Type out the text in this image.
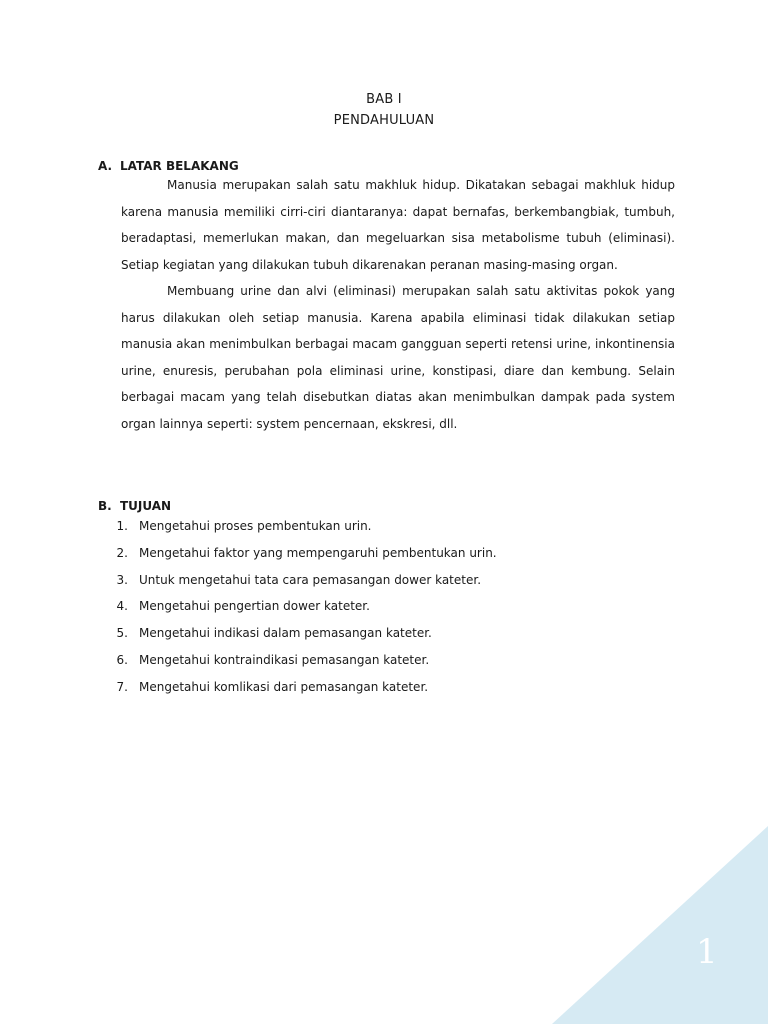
BAB I
PENDAHULUAN
A. LATAR BELAKANG

Manusia merupakan salah satu makhluk hidup. Dikatakan sebagai makhluk hidup karena manusia memiliki cirri-ciri diantaranya: dapat bernafas, berkembangbiak, tumbuh, beradaptasi, memerlukan makan, dan megeluarkan sisa metabolisme tubuh (eliminasi). Setiap kegiatan yang dilakukan tubuh dikarenakan peranan masing-masing organ.

Membuang urine dan alvi (eliminasi) merupakan salah satu aktivitas pokok yang harus dilakukan oleh setiap manusia. Karena apabila eliminasi tidak dilakukan setiap manusia akan menimbulkan berbagai macam gangguan seperti retensi urine, inkontinensia urine, enuresis, perubahan pola eliminasi urine, konstipasi, diare dan kembung. Selain berbagai macam yang telah disebutkan diatas akan menimbulkan dampak pada system organ lainnya seperti: system pencernaan, ekskresi, dll.

B. TUJUAN
1. Mengetahui proses pembentukan urin.
2. Mengetahui faktor yang mempengaruhi pembentukan urin.
3. Untuk mengetahui tata cara pemasangan dower kateter.
4. Mengetahui pengertian dower kateter.
5. Mengetahui indikasi dalam pemasangan kateter.
6. Mengetahui kontraindikasi pemasangan kateter.
7. Mengetahui komlikasi dari pemasangan kateter.
1
